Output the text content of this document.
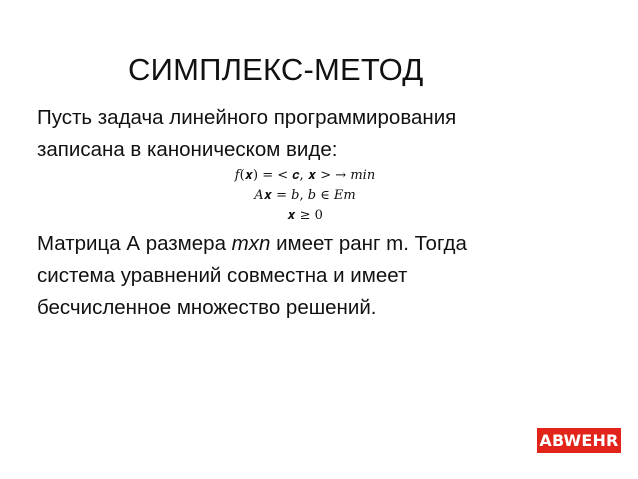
СИМПЛЕКС-МЕТОД
Пусть задача линейного программирования
записана в каноническом виде:
𝑓(𝒙) = < 𝒄, 𝒙 > → 𝑚𝑖𝑛
𝐴𝒙 = 𝑏, 𝑏 ∈ 𝐸𝑚
𝒙 ≥ 0
Матрица А размера mxn имеет ранг m. Тогда
система уравнений совместна и имеет
бесчисленное множество решений.
ABWEHR
